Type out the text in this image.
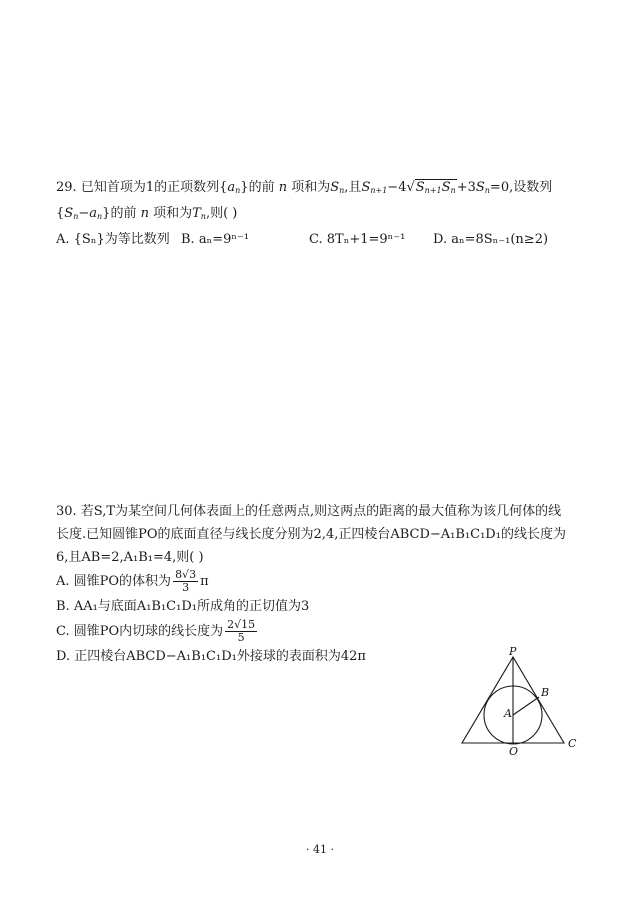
29. 已知首项为1的正项数列$\{a_n\}$的前 n 项和为$S_n$,且$S_{n+1}-4√S_{n+1}S_n+3S_n=0$,设数列
$\{S_n-a_n\}$的前 n 项和为$T_n$,则( )
A. {Sₙ}为等比数列 B. aₙ=9ⁿ⁻¹	C. 8Tₙ+1=9ⁿ⁻¹	D. aₙ=8Sₙ₋₁(n≥2)
30. 若S,T为某空间几何体表面上的任意两点,则这两点的距离的最大值称为该几何体的线
长度.已知圆锥PO的底面直径与线长度分别为2,4,正四棱台ABCD−A₁B₁C₁D₁的线长度为
6,且AB=2,A₁B₁=4,则( )
A. 圆锥PO的体积为 $\frac{8√3}{3}$ π
B. AA₁与底面A₁B₁C₁D₁所成角的正切值为3
C. 圆锥PO内切球的线长度为 $\frac{2√15}{5}$
D. 正四棱台ABCD−A₁B₁C₁D₁外接球的表面积为42π	P
A
B
O
C
· 41 ·
